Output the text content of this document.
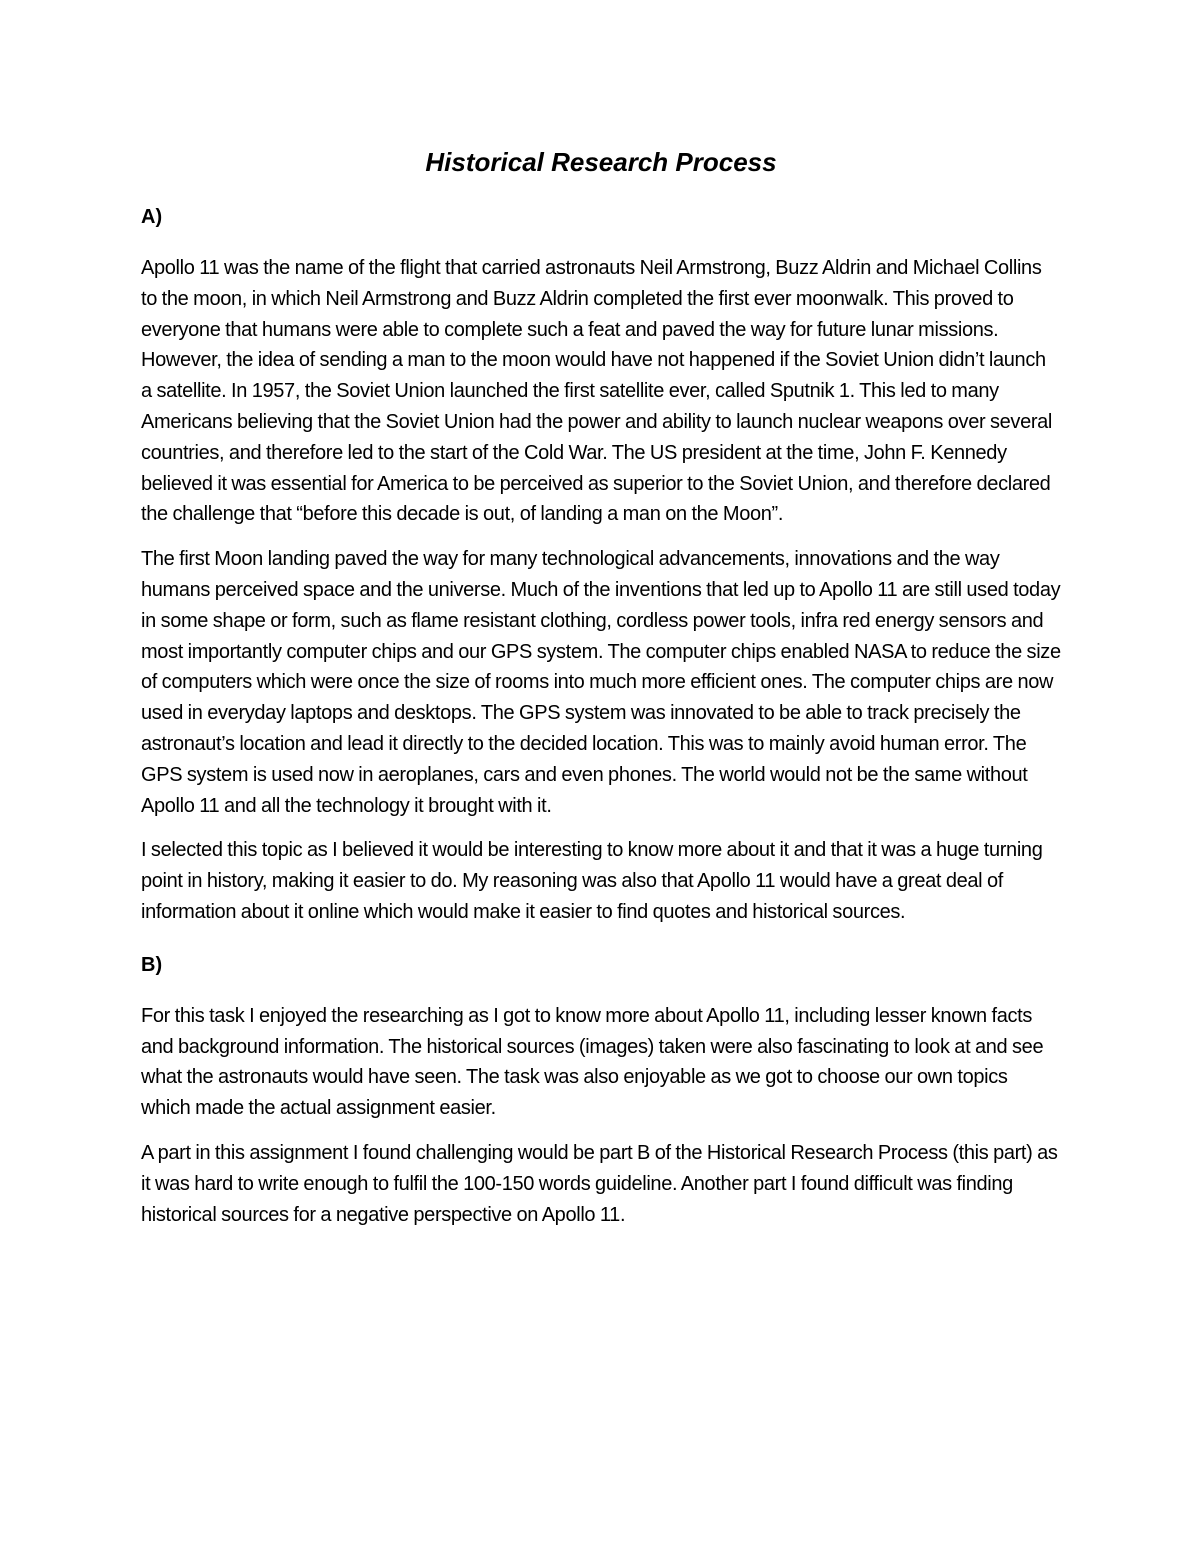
Historical Research Process
A)

Apollo 11 was the name of the flight that carried astronauts Neil Armstrong, Buzz Aldrin and Michael Collins to the moon, in which Neil Armstrong and Buzz Aldrin completed the first ever moonwalk. This proved to everyone that humans were able to complete such a feat and paved the way for future lunar missions. However, the idea of sending a man to the moon would have not happened if the Soviet Union didn’t launch a satellite. In 1957, the Soviet Union launched the first satellite ever, called Sputnik 1. This led to many Americans believing that the Soviet Union had the power and ability to launch nuclear weapons over several countries, and therefore led to the start of the Cold War. The US president at the time, John F. Kennedy believed it was essential for America to be perceived as superior to the Soviet Union, and therefore declared the challenge that “before this decade is out, of landing a man on the Moon”.

The first Moon landing paved the way for many technological advancements, innovations and the way humans perceived space and the universe. Much of the inventions that led up to Apollo 11 are still used today in some shape or form, such as flame resistant clothing, cordless power tools, infra red energy sensors and most importantly computer chips and our GPS system. The computer chips enabled NASA to reduce the size of computers which were once the size of rooms into much more efficient ones. The computer chips are now used in everyday laptops and desktops. The GPS system was innovated to be able to track precisely the astronaut’s location and lead it directly to the decided location. This was to mainly avoid human error. The GPS system is used now in aeroplanes, cars and even phones. The world would not be the same without Apollo 11 and all the technology it brought with it.

I selected this topic as I believed it would be interesting to know more about it and that it was a huge turning point in history, making it easier to do. My reasoning was also that Apollo 11 would have a great deal of information about it online which would make it easier to find quotes and historical sources.

B)

For this task I enjoyed the researching as I got to know more about Apollo 11, including lesser known facts and background information. The historical sources (images) taken were also fascinating to look at and see what the astronauts would have seen. The task was also enjoyable as we got to choose our own topics which made the actual assignment easier.

A part in this assignment I found challenging would be part B of the Historical Research Process (this part) as it was hard to write enough to fulfil the 100-150 words guideline. Another part I found difficult was finding historical sources for a negative perspective on Apollo 11.
